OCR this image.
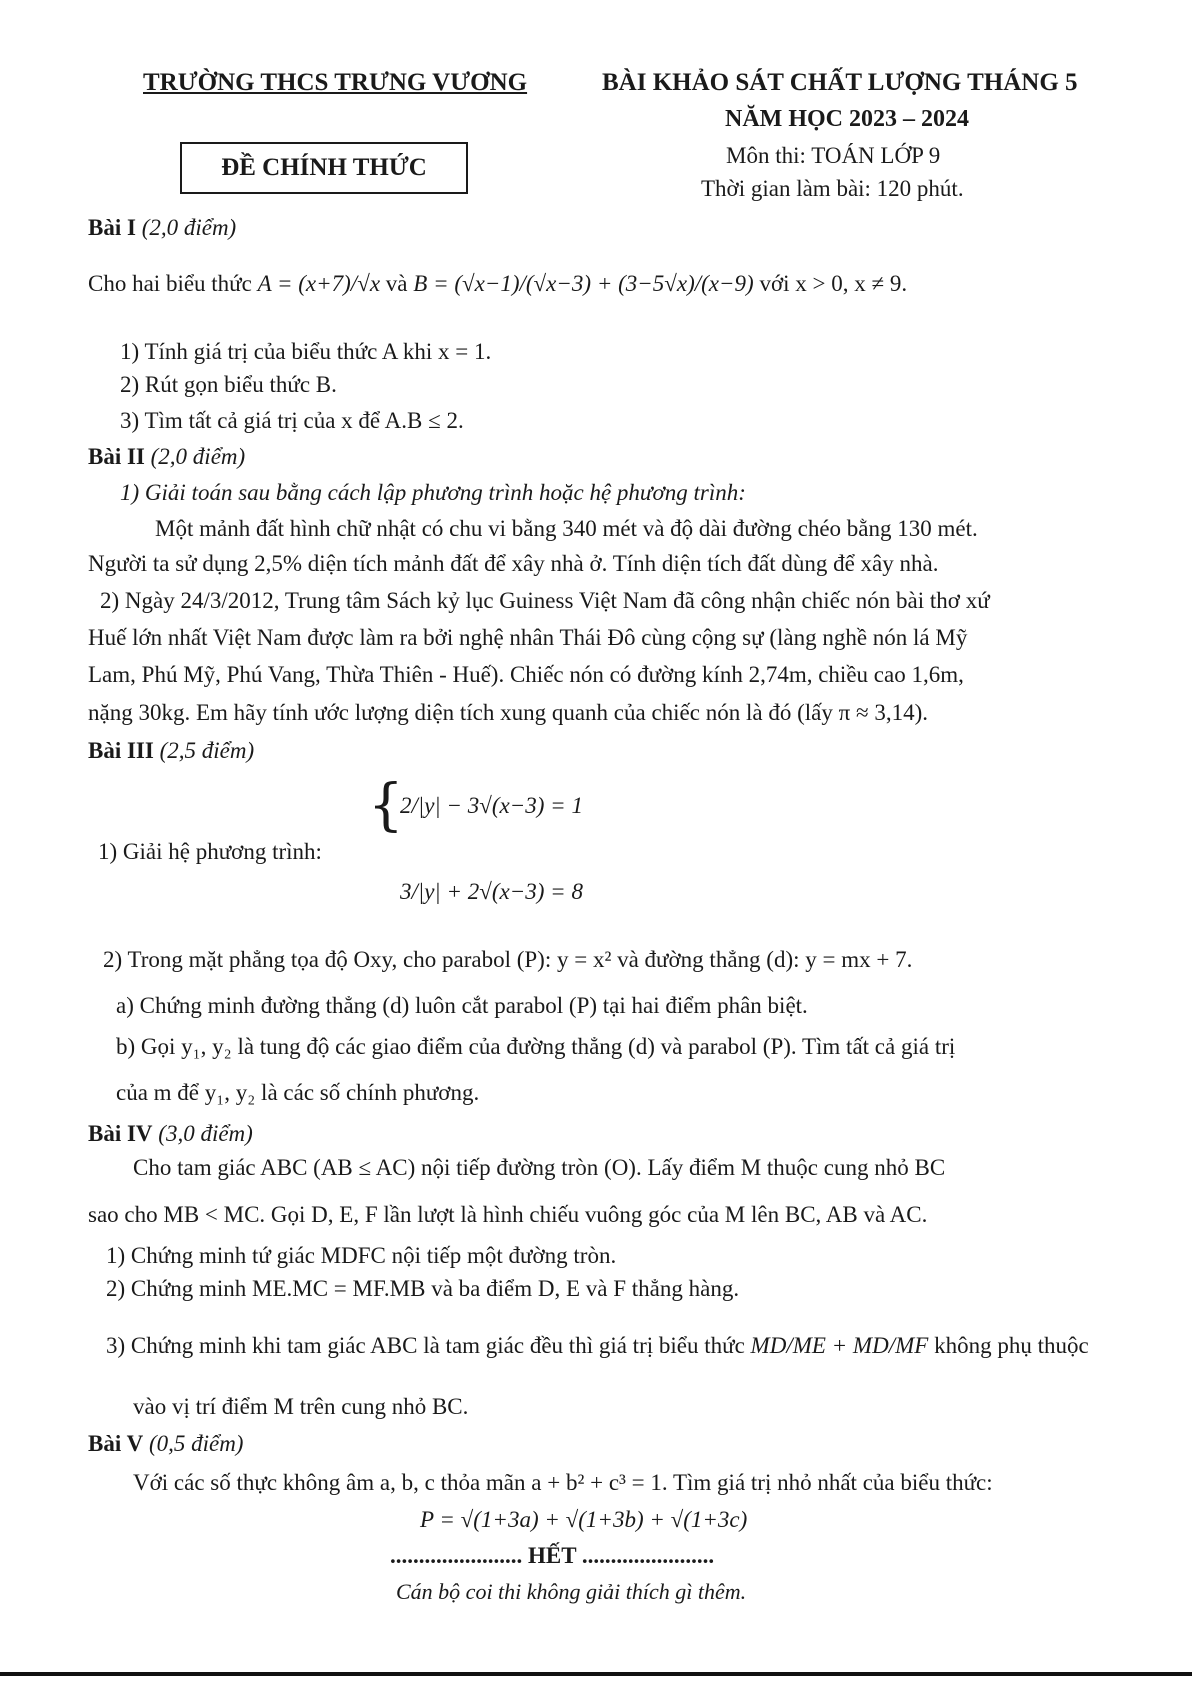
TRƯỜNG THCS TRƯNG VƯƠNG	BÀI KHẢO SÁT CHẤT LƯỢNG THÁNG 5
NĂM HỌC 2023 – 2024
Môn thi: TOÁN LỚP 9
Thời gian làm bài: 120 phút.
ĐỀ CHÍNH THỨC
Bài I (2,0 điểm)
Cho hai biểu thức A = (x+7)/√x và B = (√x−1)/(√x−3) + (3−5√x)/(x−9) với x > 0, x ≠ 9.
1) Tính giá trị của biểu thức A khi x = 1.
2) Rút gọn biểu thức B.
3) Tìm tất cả giá trị của x để A.B ≤ 2.
Bài II (2,0 điểm)
1) Giải toán sau bằng cách lập phương trình hoặc hệ phương trình:
Một mảnh đất hình chữ nhật có chu vi bằng 340 mét và độ dài đường chéo bằng 130 mét.
Người ta sử dụng 2,5% diện tích mảnh đất để xây nhà ở. Tính diện tích đất dùng để xây nhà.
2) Ngày 24/3/2012, Trung tâm Sách kỷ lục Guiness Việt Nam đã công nhận chiếc nón bài thơ xứ
Huế lớn nhất Việt Nam được làm ra bởi nghệ nhân Thái Đô cùng cộng sự (làng nghề nón lá Mỹ
Lam, Phú Mỹ, Phú Vang, Thừa Thiên - Huế). Chiếc nón có đường kính 2,74m, chiều cao 1,6m,
nặng 30kg. Em hãy tính ước lượng diện tích xung quanh của chiếc nón là đó (lấy π ≈ 3,14).
Bài III (2,5 điểm)
1) Giải hệ phương trình:
{
2/|y| − 3√(x−3) = 1
3/|y| + 2√(x−3) = 8
2) Trong mặt phẳng tọa độ Oxy, cho parabol (P): y = x² và đường thẳng (d): y = mx + 7.
a) Chứng minh đường thẳng (d) luôn cắt parabol (P) tại hai điểm phân biệt.
b) Gọi y₁, y₂ là tung độ các giao điểm của đường thẳng (d) và parabol (P). Tìm tất cả giá trị
của m để y₁, y₂ là các số chính phương.
Bài IV (3,0 điểm)
Cho tam giác ABC (AB ≤ AC) nội tiếp đường tròn (O). Lấy điểm M thuộc cung nhỏ BC
sao cho MB < MC. Gọi D, E, F lần lượt là hình chiếu vuông góc của M lên BC, AB và AC.
1) Chứng minh tứ giác MDFC nội tiếp một đường tròn.
2) Chứng minh ME.MC = MF.MB và ba điểm D, E và F thẳng hàng.
3) Chứng minh khi tam giác ABC là tam giác đều thì giá trị biểu thức MD/ME + MD/MF không phụ thuộc
vào vị trí điểm M trên cung nhỏ BC.
Bài V (0,5 điểm)
Với các số thực không âm a, b, c thỏa mãn a + b² + c³ = 1. Tìm giá trị nhỏ nhất của biểu thức:
P = √(1+3a) + √(1+3b) + √(1+3c)
....................... HẾT .......................
Cán bộ coi thi không giải thích gì thêm.
